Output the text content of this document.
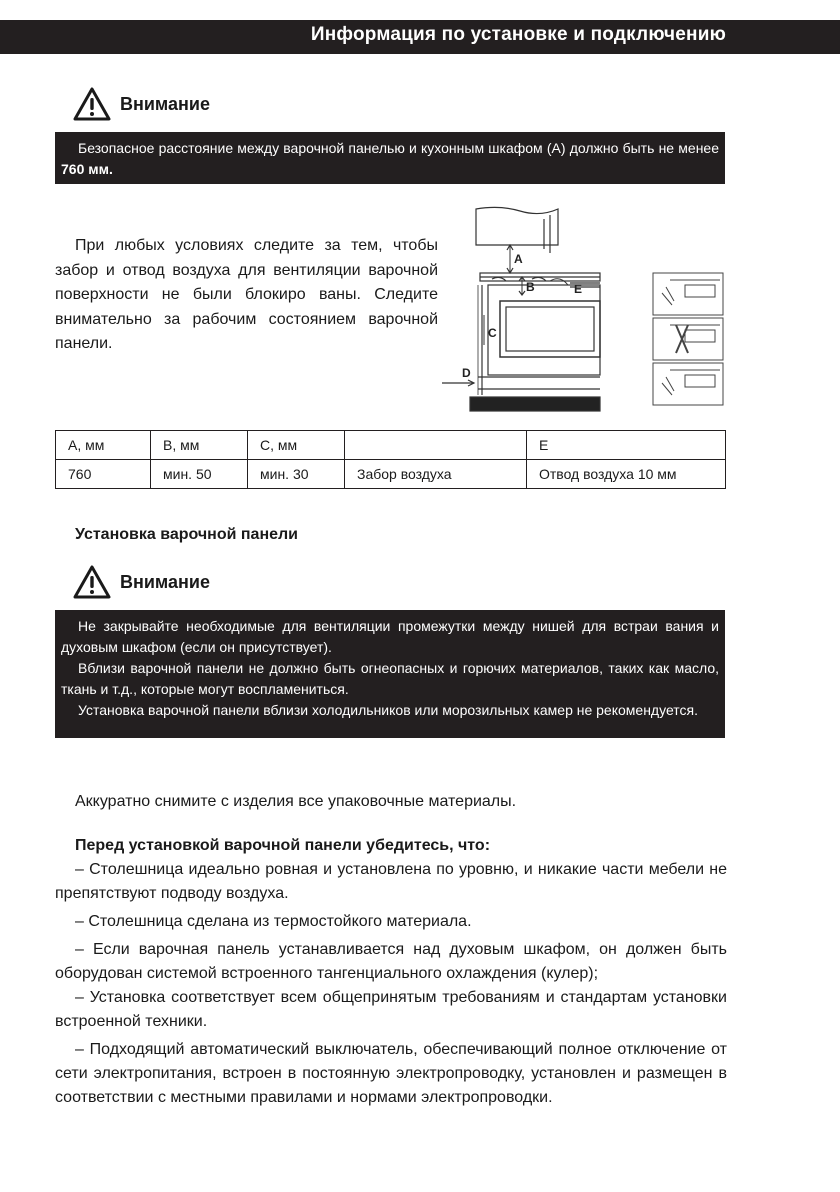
Информация по установке и подключению
Внимание

Безопасное расстояние между варочной панелью и кухонным шкафом (A) должно быть не менее 760 мм.

При любых условиях следите за тем, чтобы забор и отвод воздуха для вентиляции варочной поверхности не были блокиро ваны. Следите внимательно за рабочим состоянием варочной панели.

A
B	E
C
D
A, мм	B, мм	C, мм		E
760	мин. 50	мин. 30	Забор воздуха	Отвод воздуха 10 мм
Установка варочной панели
Внимание

Не закрывайте необходимые для вентиляции промежутки между нишей для встраи вания и духовым шкафом (если он присутствует).

Вблизи варочной панели не должно быть огнеопасных и горючих материалов, таких как масло, ткань и т.д., которые могут воспламениться.

Установка варочной панели вблизи холодильников или морозильных камер не рекомендуется.

Аккуратно снимите с изделия все упаковочные материалы.

Перед установкой варочной панели убедитесь, что:

– Столешница идеально ровная и установлена по уровню, и никакие части мебели не препятствуют подводу воздуха.

– Столешница сделана из термостойкого материала.

– Если варочная панель устанавливается над духовым шкафом, он должен быть оборудован системой встроенного тангенциального охлаждения (кулер);

– Установка соответствует всем общепринятым требованиям и стандартам установки встроенной техники.

– Подходящий автоматический выключатель, обеспечивающий полное отключение от сети электропитания, встроен в постоянную электропроводку, установлен и размещен в соответствии с местными правилами и нормами электропроводки.
